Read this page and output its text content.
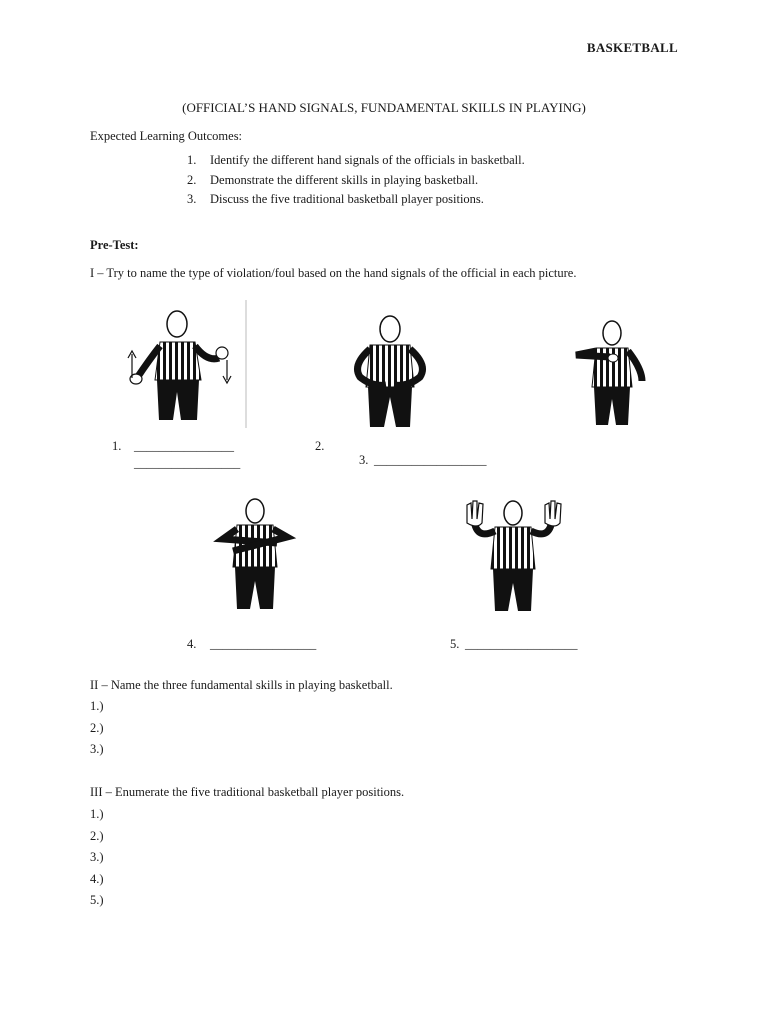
BASKETBALL
(OFFICIAL’S HAND SIGNALS, FUNDAMENTAL SKILLS IN PLAYING)
Expected Learning Outcomes:
1. Identify the different hand signals of the officials in basketball.
2. Demonstrate the different skills in playing basketball.
3. Discuss the five traditional basketball player positions.
Pre-Test:
I – Try to name the type of violation/foul based on the hand signals of the official in each picture.
1. ________________
_________________
2.
3. __________________
4. _________________	5. __________________
II – Name the three fundamental skills in playing basketball.
1.)
2.)
3.)
III – Enumerate the five traditional basketball player positions.
1.)
2.)
3.)
4.)
5.)
